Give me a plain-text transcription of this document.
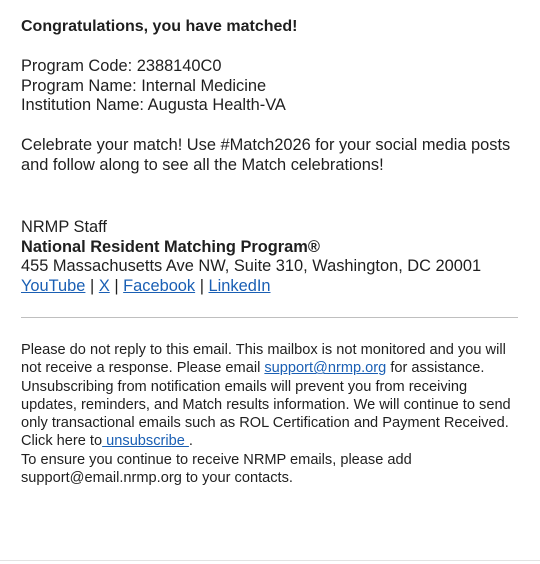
Congratulations, you have matched!
Program Code: 2388140C0
Program Name: Internal Medicine
Institution Name: Augusta Health-VA
Celebrate your match! Use #Match2026 for your social media posts and follow along to see all the Match celebrations!
NRMP Staff
National Resident Matching Program®
455 Massachusetts Ave NW, Suite 310, Washington, DC 20001
YouTube | X | Facebook | LinkedIn

Please do not reply to this email. This mailbox is not monitored and you will not receive a response. Please email support@nrmp.org for assistance.

Unsubscribing from notification emails will prevent you from receiving updates, reminders, and Match results information. We will continue to send only transactional emails such as ROL Certification and Payment Received. Click here to unsubscribe .

To ensure you continue to receive NRMP emails, please add support@email.nrmp.org to your contacts.
